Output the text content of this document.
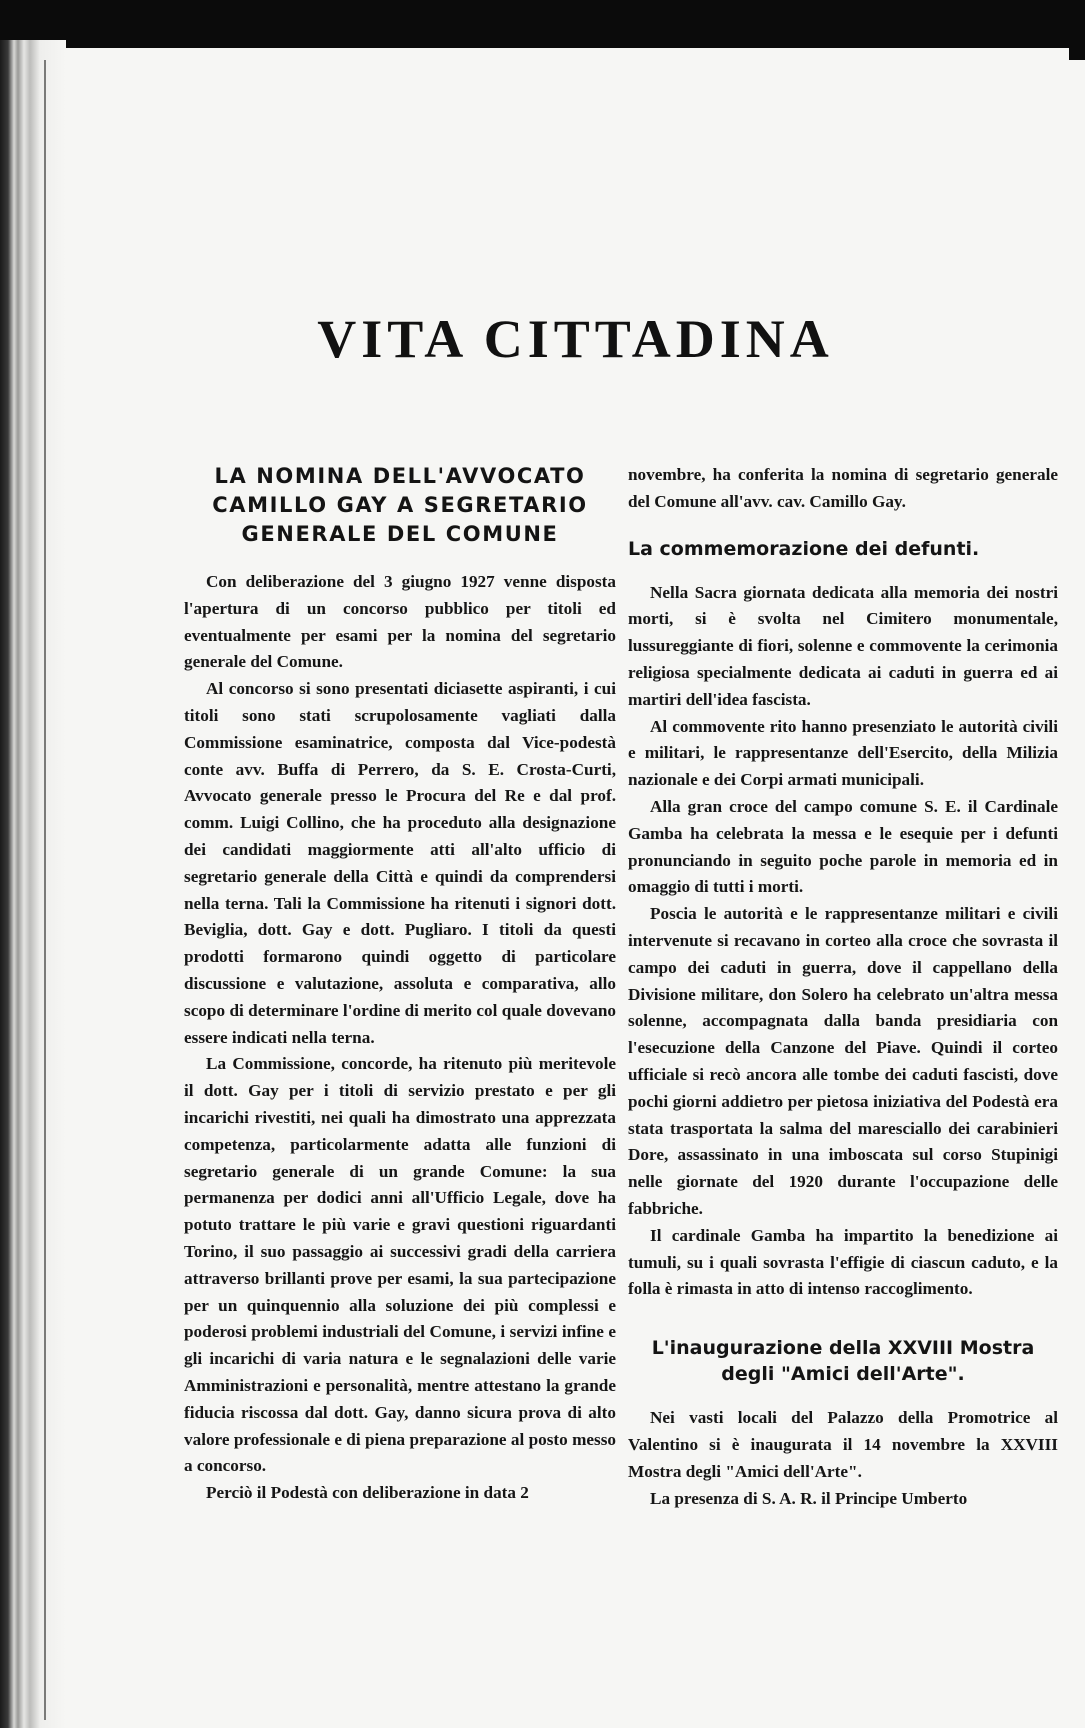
VITA CITTADINA
LA NOMINA DELL'AVVOCATO CAMILLO GAY A SEGRETARIO GENERALE DEL COMUNE

Con deliberazione del 3 giugno 1927 venne disposta l'apertura di un concorso pubblico per titoli ed eventualmente per esami per la nomina del segretario generale del Comune.

Al concorso si sono presentati diciasette aspiranti, i cui titoli sono stati scrupolosamente vagliati dalla Commissione esaminatrice, composta dal Vice-podestà conte avv. Buffa di Perrero, da S. E. Crosta-Curti, Avvocato generale presso le Procura del Re e dal prof. comm. Luigi Collino, che ha proceduto alla designazione dei candidati maggiormente atti all'alto ufficio di segretario generale della Città e quindi da comprendersi nella terna. Tali la Commissione ha ritenuti i signori dott. Beviglia, dott. Gay e dott. Pugliaro. I titoli da questi prodotti formarono quindi oggetto di particolare discussione e valutazione, assoluta e comparativa, allo scopo di determinare l'ordine di merito col quale dovevano essere indicati nella terna.

La Commissione, concorde, ha ritenuto più meritevole il dott. Gay per i titoli di servizio prestato e per gli incarichi rivestiti, nei quali ha dimostrato una apprezzata competenza, particolarmente adatta alle funzioni di segretario generale di un grande Comune: la sua permanenza per dodici anni all'Ufficio Legale, dove ha potuto trattare le più varie e gravi questioni riguardanti Torino, il suo passaggio ai successivi gradi della carriera attraverso brillanti prove per esami, la sua partecipazione per un quinquennio alla soluzione dei più complessi e poderosi problemi industriali del Comune, i servizi infine e gli incarichi di varia natura e le segnalazioni delle varie Amministrazioni e personalità, mentre attestano la grande fiducia riscossa dal dott. Gay, danno sicura prova di alto valore professionale e di piena preparazione al posto messo a concorso.

Perciò il Podestà con deliberazione in data 2

novembre, ha conferita la nomina di segretario generale del Comune all'avv. cav. Camillo Gay.

La commemorazione dei defunti.

Nella Sacra giornata dedicata alla memoria dei nostri morti, si è svolta nel Cimitero monumentale, lussureggiante di fiori, solenne e commovente la cerimonia religiosa specialmente dedicata ai caduti in guerra ed ai martiri dell'idea fascista.

Al commovente rito hanno presenziato le autorità civili e militari, le rappresentanze dell'Esercito, della Milizia nazionale e dei Corpi armati municipali.

Alla gran croce del campo comune S. E. il Cardinale Gamba ha celebrata la messa e le esequie per i defunti pronunciando in seguito poche parole in memoria ed in omaggio di tutti i morti.

Poscia le autorità e le rappresentanze militari e civili intervenute si recavano in corteo alla croce che sovrasta il campo dei caduti in guerra, dove il cappellano della Divisione militare, don Solero ha celebrato un'altra messa solenne, accompagnata dalla banda presidiaria con l'esecuzione della Canzone del Piave. Quindi il corteo ufficiale si recò ancora alle tombe dei caduti fascisti, dove pochi giorni addietro per pietosa iniziativa del Podestà era stata trasportata la salma del maresciallo dei carabinieri Dore, assassinato in una imboscata sul corso Stupinigi nelle giornate del 1920 durante l'occupazione delle fabbriche.

Il cardinale Gamba ha impartito la benedizione ai tumuli, su i quali sovrasta l'effigie di ciascun caduto, e la folla è rimasta in atto di intenso raccoglimento.

L'inaugurazione della XXVIII Mostra degli "Amici dell'Arte".

Nei vasti locali del Palazzo della Promotrice al Valentino si è inaugurata il 14 novembre la XXVIII Mostra degli "Amici dell'Arte".

La presenza di S. A. R. il Principe Umberto
